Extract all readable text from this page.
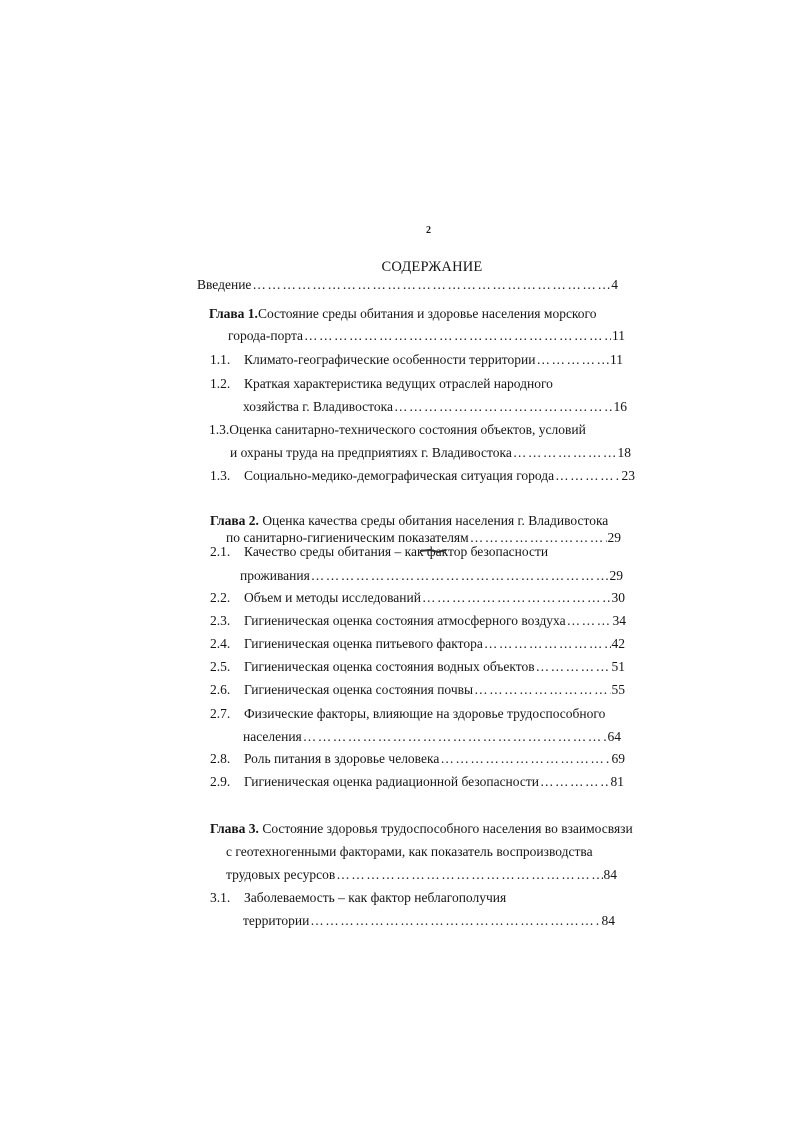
2
СОДЕРЖАНИЕ
Введение ………………………………………………………………………………………………………………………	4
Глава 1.Состояние среды обитания и здоровье населения морского
города-порта ………………………………………………………………………………………………………………………	11
1.1.	Климато-географические особенности территории ………………………………………………………………………………………………………………………	11
1.2.	Краткая характеристика ведущих отраслей народного
хозяйства г. Владивостока ………………………………………………………………………………………………………………………	16
1.3.Оценка санитарно-технического состояния объектов, условий
и охраны труда на предприятиях г. Владивостока ………………………………………………………………………………………………………………………	18
1.3.	Социально-медико-демографическая ситуация города ………………………………………………………………………………………………………………………	23
Глава 2. Оценка качества среды обитания населения г. Владивостока
по санитарно-гигиеническим показателям ………………………………………………………………………………………………………………………	29
2.1.	Качество среды обитания – как фактор безопасности
проживания ………………………………………………………………………………………………………………………	29
2.2.	Объем и методы исследований ………………………………………………………………………………………………………………………	30
2.3.	Гигиеническая оценка состояния атмосферного воздуха ………………………………………………………………………………………………………………………	34
2.4.	Гигиеническая оценка питьевого фактора ………………………………………………………………………………………………………………………	42
2.5.	Гигиеническая оценка состояния водных объектов ………………………………………………………………………………………………………………………	51
2.6.	Гигиеническая оценка состояния почвы ………………………………………………………………………………………………………………………	55
2.7.	Физические факторы, влияющие на здоровье трудоспособного
населения ………………………………………………………………………………………………………………………	64
2.8.	Роль питания в здоровье человека ………………………………………………………………………………………………………………………	69
2.9.	Гигиеническая оценка радиационной безопасности ………………………………………………………………………………………………………………………	81
Глава 3. Состояние здоровья трудоспособного населения во взаимосвязи
с геотехногенными факторами, как показатель воспроизводства
трудовых ресурсов ………………………………………………………………………………………………………………………	84
3.1.	Заболеваемость – как фактор неблагополучия
территории ………………………………………………………………………………………………………………………	84
